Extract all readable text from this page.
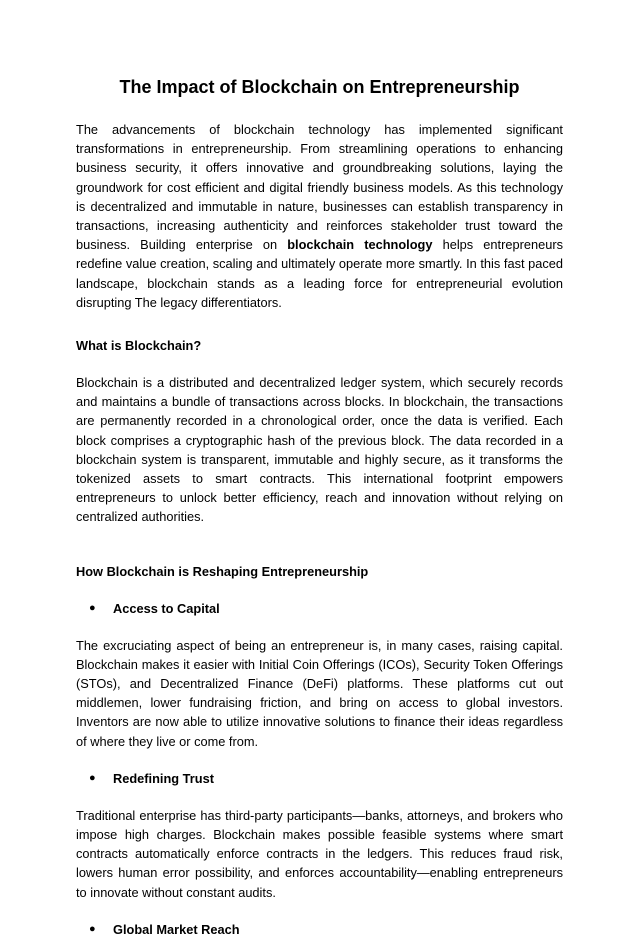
The Impact of Blockchain on Entrepreneurship

The advancements of blockchain technology has implemented significant transformations in entrepreneurship. From streamlining operations to enhancing business security, it offers innovative and groundbreaking solutions, laying the groundwork for cost efficient and digital friendly business models. As this technology is decentralized and immutable in nature, businesses can establish transparency in transactions, increasing authenticity and reinforces stakeholder trust toward the business. Building enterprise on blockchain technology helps entrepreneurs redefine value creation, scaling and ultimately operate more smartly. In this fast paced landscape, blockchain stands as a leading force for entrepreneurial evolution disrupting The legacy differentiators.

What is Blockchain?

Blockchain is a distributed and decentralized ledger system, which securely records and maintains a bundle of transactions across blocks. In blockchain, the transactions are permanently recorded in a chronological order, once the data is verified. Each block comprises a cryptographic hash of the previous block. The data recorded in a blockchain system is transparent, immutable and highly secure, as it transforms the tokenized assets to smart contracts. This international footprint empowers entrepreneurs to unlock better efficiency, reach and innovation without relying on centralized authorities.

How Blockchain is Reshaping Entrepreneurship

●	Access to Capital

The excruciating aspect of being an entrepreneur is, in many cases, raising capital. Blockchain makes it easier with Initial Coin Offerings (ICOs), Security Token Offerings (STOs), and Decentralized Finance (DeFi) platforms. These platforms cut out middlemen, lower fundraising friction, and bring on access to global investors. Inventors are now able to utilize innovative solutions to finance their ideas regardless of where they live or come from.

●	Redefining Trust

Traditional enterprise has third-party participants—banks, attorneys, and brokers who impose high charges. Blockchain makes possible feasible systems where smart contracts automatically enforce contracts in the ledgers. This reduces fraud risk, lowers human error possibility, and enforces accountability—enabling entrepreneurs to innovate without constant audits.

●	Global Market Reach
